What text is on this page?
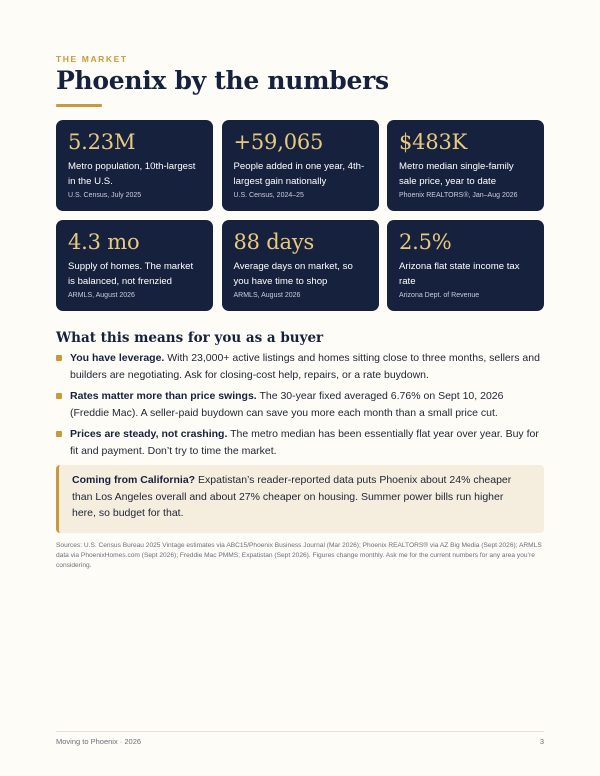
THE MARKET
Phoenix by the numbers
5.23M
Metro population, 10th-largest in the U.S.
U.S. Census, July 2025
+59,065
People added in one year, 4th-largest gain nationally
U.S. Census, 2024–25
$483K
Metro median single-family sale price, year to date
Phoenix REALTORS®, Jan–Aug 2026
4.3 mo
Supply of homes. The market is balanced, not frenzied
ARMLS, August 2026
88 days
Average days on market, so you have time to shop
ARMLS, August 2026
2.5%
Arizona flat state income tax rate
Arizona Dept. of Revenue
What this means for you as a buyer
You have leverage. With 23,000+ active listings and homes sitting close to three months, sellers and builders are negotiating. Ask for closing-cost help, repairs, or a rate buydown.
Rates matter more than price swings. The 30-year fixed averaged 6.76% on Sept 10, 2026 (Freddie Mac). A seller-paid buydown can save you more each month than a small price cut.
Prices are steady, not crashing. The metro median has been essentially flat year over year. Buy for fit and payment. Don’t try to time the market.
Coming from California? Expatistan’s reader-reported data puts Phoenix about 24% cheaper than Los Angeles overall and about 27% cheaper on housing. Summer power bills run higher here, so budget for that.

Sources: U.S. Census Bureau 2025 Vintage estimates via ABC15/Phoenix Business Journal (Mar 2026); Phoenix REALTORS® via AZ Big Media (Sept 2026); ARMLS data via PhoenixHomes.com (Sept 2026); Freddie Mac PMMS; Expatistan (Sept 2026). Figures change monthly. Ask me for the current numbers for any area you’re considering.

Moving to Phoenix · 2026	3
